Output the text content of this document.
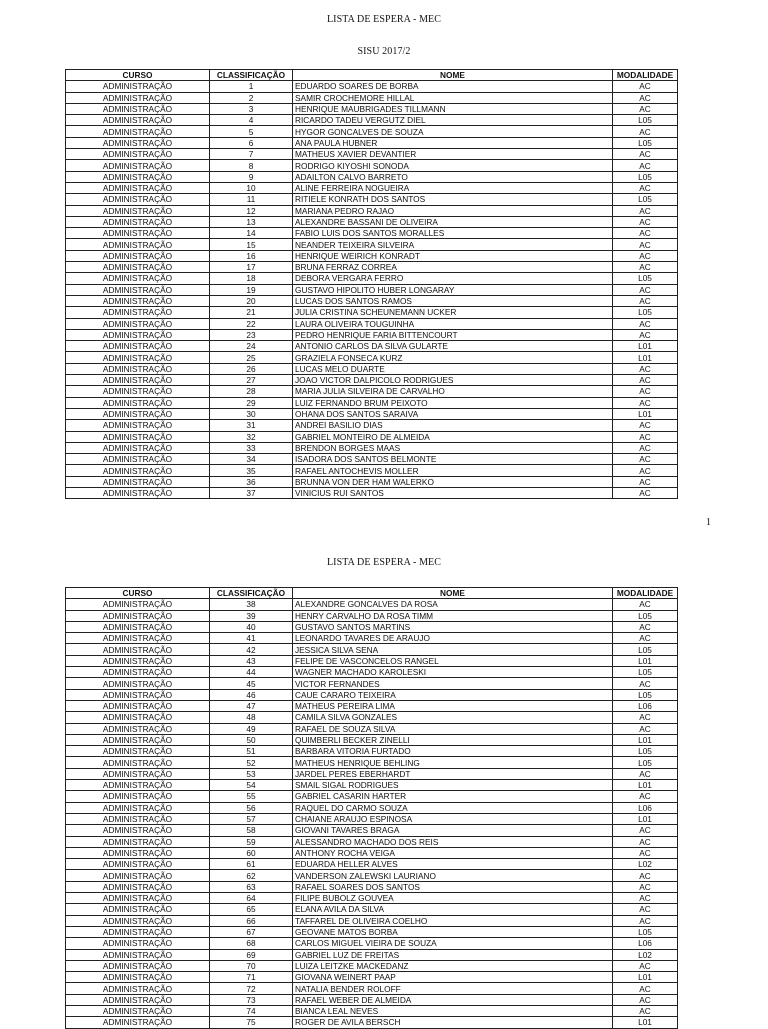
LISTA DE ESPERA - MEC
SISU 2017/2
CURSO	CLASSIFICAÇÃO	NOME	MODALIDADE
ADMINISTRAÇÃO	1	EDUARDO SOARES DE BORBA	AC
ADMINISTRAÇÃO	2	SAMIR CROCHEMORE HILLAL	AC
ADMINISTRAÇÃO	3	HENRIQUE MAUBRIGADES TILLMANN	AC
ADMINISTRAÇÃO	4	RICARDO TADEU VERGUTZ DIEL	L05
ADMINISTRAÇÃO	5	HYGOR GONCALVES DE SOUZA	AC
ADMINISTRAÇÃO	6	ANA PAULA HUBNER	L05
ADMINISTRAÇÃO	7	MATHEUS XAVIER DEVANTIER	AC
ADMINISTRAÇÃO	8	RODRIGO KIYOSHI SONODA	AC
ADMINISTRAÇÃO	9	ADAILTON CALVO BARRETO	L05
ADMINISTRAÇÃO	10	ALINE FERREIRA NOGUEIRA	AC
ADMINISTRAÇÃO	11	RITIELE KONRATH DOS SANTOS	L05
ADMINISTRAÇÃO	12	MARIANA PEDRO RAJAO	AC
ADMINISTRAÇÃO	13	ALEXANDRE BASSANI DE OLIVEIRA	AC
ADMINISTRAÇÃO	14	FABIO LUIS DOS SANTOS MORALLES	AC
ADMINISTRAÇÃO	15	NEANDER TEIXEIRA SILVEIRA	AC
ADMINISTRAÇÃO	16	HENRIQUE WEIRICH KONRADT	AC
ADMINISTRAÇÃO	17	BRUNA FERRAZ CORREA	AC
ADMINISTRAÇÃO	18	DEBORA VERGARA FERRO	L05
ADMINISTRAÇÃO	19	GUSTAVO HIPOLITO HUBER LONGARAY	AC
ADMINISTRAÇÃO	20	LUCAS DOS SANTOS RAMOS	AC
ADMINISTRAÇÃO	21	JULIA CRISTINA SCHEUNEMANN UCKER	L05
ADMINISTRAÇÃO	22	LAURA OLIVEIRA TOUGUINHA	AC
ADMINISTRAÇÃO	23	PEDRO HENRIQUE FARIA BITTENCOURT	AC
ADMINISTRAÇÃO	24	ANTONIO CARLOS DA SILVA GULARTE	L01
ADMINISTRAÇÃO	25	GRAZIELA FONSECA KURZ	L01
ADMINISTRAÇÃO	26	LUCAS MELO DUARTE	AC
ADMINISTRAÇÃO	27	JOAO VICTOR DALPICOLO RODRIGUES	AC
ADMINISTRAÇÃO	28	MARIA JULIA SILVEIRA DE CARVALHO	AC
ADMINISTRAÇÃO	29	LUIZ FERNANDO BRUM PEIXOTO	AC
ADMINISTRAÇÃO	30	OHANA DOS SANTOS SARAIVA	L01
ADMINISTRAÇÃO	31	ANDREI BASILIO DIAS	AC
ADMINISTRAÇÃO	32	GABRIEL MONTEIRO DE ALMEIDA	AC
ADMINISTRAÇÃO	33	BRENDON BORGES MAAS	AC
ADMINISTRAÇÃO	34	ISADORA DOS SANTOS BELMONTE	AC
ADMINISTRAÇÃO	35	RAFAEL ANTOCHEVIS MOLLER	AC
ADMINISTRAÇÃO	36	BRUNNA VON DER HAM WALERKO	AC
ADMINISTRAÇÃO	37	VINICIUS RUI SANTOS	AC
1
LISTA DE ESPERA - MEC
CURSO	CLASSIFICAÇÃO	NOME	MODALIDADE
ADMINISTRAÇÃO	38	ALEXANDRE GONCALVES DA ROSA	AC
ADMINISTRAÇÃO	39	HENRY CARVALHO DA ROSA TIMM	L05
ADMINISTRAÇÃO	40	GUSTAVO SANTOS MARTINS	AC
ADMINISTRAÇÃO	41	LEONARDO TAVARES DE ARAUJO	AC
ADMINISTRAÇÃO	42	JESSICA SILVA SENA	L05
ADMINISTRAÇÃO	43	FELIPE DE VASCONCELOS RANGEL	L01
ADMINISTRAÇÃO	44	WAGNER MACHADO KAROLESKI	L05
ADMINISTRAÇÃO	45	VICTOR FERNANDES	AC
ADMINISTRAÇÃO	46	CAUE CARARO TEIXEIRA	L05
ADMINISTRAÇÃO	47	MATHEUS PEREIRA LIMA	L06
ADMINISTRAÇÃO	48	CAMILA SILVA GONZALES	AC
ADMINISTRAÇÃO	49	RAFAEL DE SOUZA SILVA	AC
ADMINISTRAÇÃO	50	QUIMBERLI BECKER ZINELLI	L01
ADMINISTRAÇÃO	51	BARBARA VITORIA FURTADO	L05
ADMINISTRAÇÃO	52	MATHEUS HENRIQUE BEHLING	L05
ADMINISTRAÇÃO	53	JARDEL PERES EBERHARDT	AC
ADMINISTRAÇÃO	54	SMAIL SIGAL RODRIGUES	L01
ADMINISTRAÇÃO	55	GABRIEL CASARIN HARTER	AC
ADMINISTRAÇÃO	56	RAQUEL DO CARMO SOUZA	L06
ADMINISTRAÇÃO	57	CHAIANE ARAUJO ESPINOSA	L01
ADMINISTRAÇÃO	58	GIOVANI TAVARES BRAGA	AC
ADMINISTRAÇÃO	59	ALESSANDRO MACHADO DOS REIS	AC
ADMINISTRAÇÃO	60	ANTHONY ROCHA VEIGA	AC
ADMINISTRAÇÃO	61	EDUARDA HELLER ALVES	L02
ADMINISTRAÇÃO	62	VANDERSON ZALEWSKI LAURIANO	AC
ADMINISTRAÇÃO	63	RAFAEL SOARES DOS SANTOS	AC
ADMINISTRAÇÃO	64	FILIPE BUBOLZ GOUVEA	AC
ADMINISTRAÇÃO	65	ELANA AVILA DA SILVA	AC
ADMINISTRAÇÃO	66	TAFFAREL DE OLIVEIRA COELHO	AC
ADMINISTRAÇÃO	67	GEOVANE MATOS BORBA	L05
ADMINISTRAÇÃO	68	CARLOS MIGUEL VIEIRA DE SOUZA	L06
ADMINISTRAÇÃO	69	GABRIEL LUZ DE FREITAS	L02
ADMINISTRAÇÃO	70	LUIZA LEITZKE MACKEDANZ	AC
ADMINISTRAÇÃO	71	GIOVANA WEINERT PAAP	L01
ADMINISTRAÇÃO	72	NATALIA BENDER ROLOFF	AC
ADMINISTRAÇÃO	73	RAFAEL WEBER DE ALMEIDA	AC
ADMINISTRAÇÃO	74	BIANCA LEAL NEVES	AC
ADMINISTRAÇÃO	75	ROGER DE AVILA BERSCH	L01
